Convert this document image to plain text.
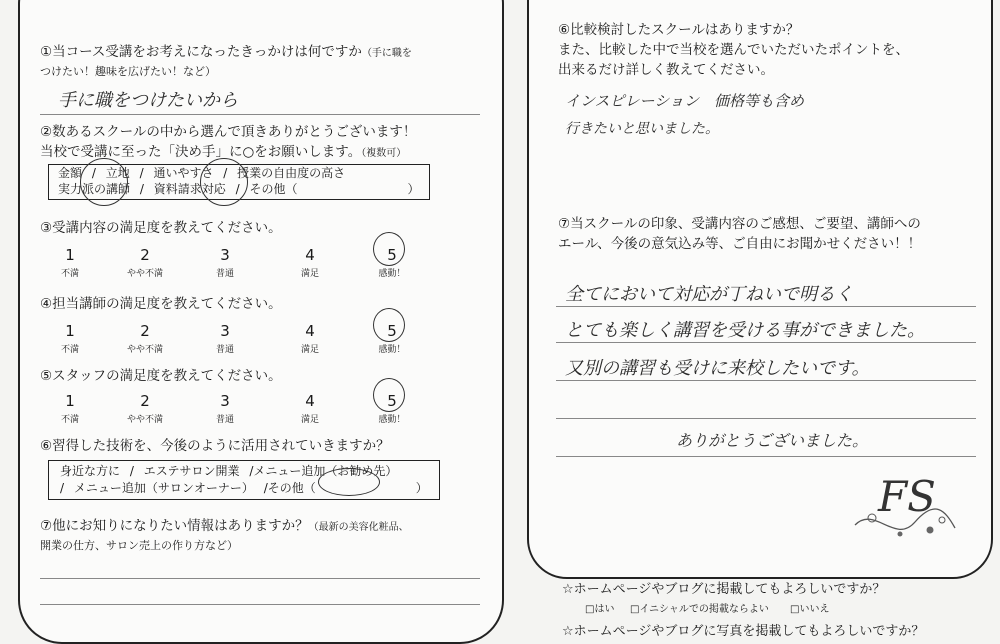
①当コース受講をお考えになったきっかけは何ですか（手に職を
つけたい！趣味を広げたい！など）
手に職をつけたいから
②数あるスクールの中から選んで頂きありがとうございます！
当校で受講に至った「決め手」に○をお願いします。（複数可）
金額 / 立地 / 通いやすさ / 授業の自由度の高さ
実力派の講師 / 資料請求対応 / その他（	）
③受講内容の満足度を教えてください。
1	2	3	4	5
不満	やや不満	普通	満足	感動！
④担当講師の満足度を教えてください。
1	2	3	4	5
不満	やや不満	普通	満足	感動！
⑤スタッフの満足度を教えてください。
1	2	3	4	5
不満	やや不満	普通	満足	感動！
⑥習得した技術を、今後のように活用されていきますか？
身近な方に / エステサロン開業 /メニュー追加（お勧め先）
/ メニュー追加（サロンオーナー） /その他（	）
⑦他にお知りになりたい情報はありますか？（最新の美容化粧品、
開業の仕方、サロン売上の作り方など）
⑥比較検討したスクールはありますか？
また、比較した中で当校を選んでいただいたポイントを、
出来るだけ詳しく教えてください。
インスピレーション　価格等も含め
行きたいと思いました。
⑦当スクールの印象、受講内容のご感想、ご要望、講師への
エール、今後の意気込み等、ご自由にお聞かせください！！
全てにおいて対応が丁ねいで明るく
とても楽しく講習を受ける事ができました。
又別の講習も受けに来校したいです。
ありがとうございました。
FS
☆ホームページやブログに掲載してもよろしいですか？
□はい □イニシャルでの掲載ならよい □いいえ
☆ホームページやブログに写真を掲載してもよろしいですか？
